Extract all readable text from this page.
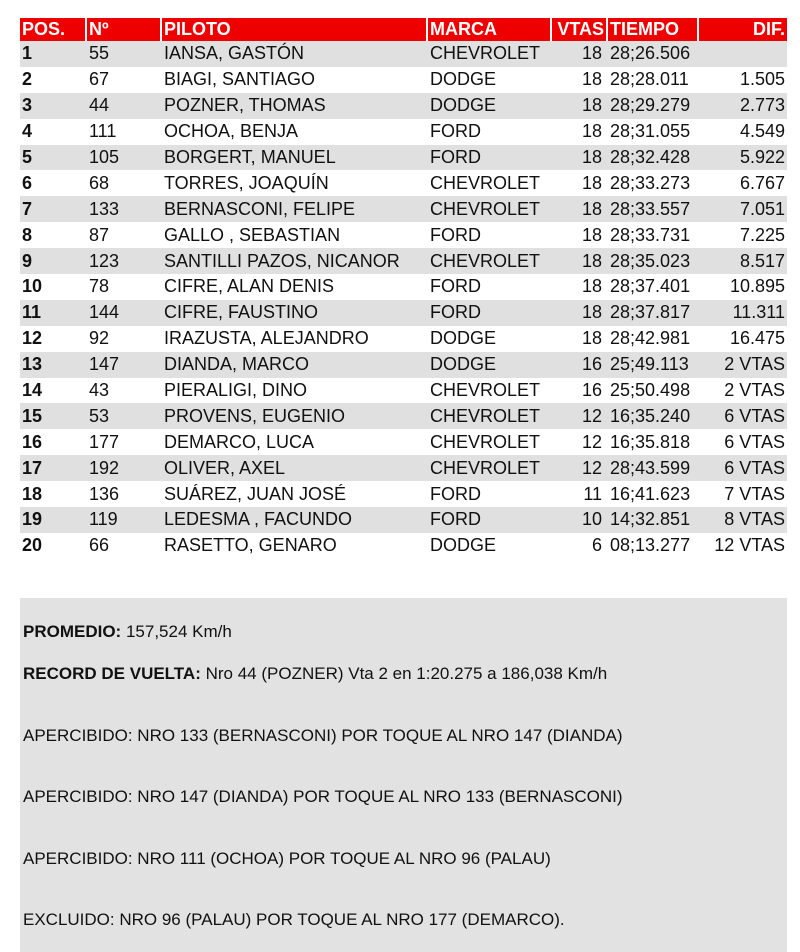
POS.	Nº	PILOTO	MARCA	VTAS	TIEMPO	DIF.
1	55	IANSA, GASTÓN	CHEVROLET	18	28;26.506	
2	67	BIAGI, SANTIAGO	DODGE	18	28;28.011	1.505
3	44	POZNER, THOMAS	DODGE	18	28;29.279	2.773
4	111	OCHOA, BENJA	FORD	18	28;31.055	4.549
5	105	BORGERT, MANUEL	FORD	18	28;32.428	5.922
6	68	TORRES, JOAQUÍN	CHEVROLET	18	28;33.273	6.767
7	133	BERNASCONI, FELIPE	CHEVROLET	18	28;33.557	7.051
8	87	GALLO , SEBASTIAN	FORD	18	28;33.731	7.225
9	123	SANTILLI PAZOS, NICANOR	CHEVROLET	18	28;35.023	8.517
10	78	CIFRE, ALAN DENIS	FORD	18	28;37.401	10.895
11	144	CIFRE, FAUSTINO	FORD	18	28;37.817	11.311
12	92	IRAZUSTA, ALEJANDRO	DODGE	18	28;42.981	16.475
13	147	DIANDA, MARCO	DODGE	16	25;49.113	2 VTAS
14	43	PIERALIGI, DINO	CHEVROLET	16	25;50.498	2 VTAS
15	53	PROVENS, EUGENIO	CHEVROLET	12	16;35.240	6 VTAS
16	177	DEMARCO, LUCA	CHEVROLET	12	16;35.818	6 VTAS
17	192	OLIVER, AXEL	CHEVROLET	12	28;43.599	6 VTAS
18	136	SUÁREZ, JUAN JOSÉ	FORD	11	16;41.623	7 VTAS
19	119	LEDESMA , FACUNDO	FORD	10	14;32.851	8 VTAS
20	66	RASETTO, GENARO	DODGE	6	08;13.277	12 VTAS

PROMEDIO: 157,524 Km/h

RECORD DE VUELTA: Nro 44 (POZNER) Vta 2 en 1:20.275 a 186,038 Km/h

APERCIBIDO: NRO 133 (BERNASCONI) POR TOQUE AL NRO 147 (DIANDA)

APERCIBIDO: NRO 147 (DIANDA) POR TOQUE AL NRO 133 (BERNASCONI)

APERCIBIDO: NRO 111 (OCHOA) POR TOQUE AL NRO 96 (PALAU)

EXCLUIDO: NRO 96 (PALAU) POR TOQUE AL NRO 177 (DEMARCO).
